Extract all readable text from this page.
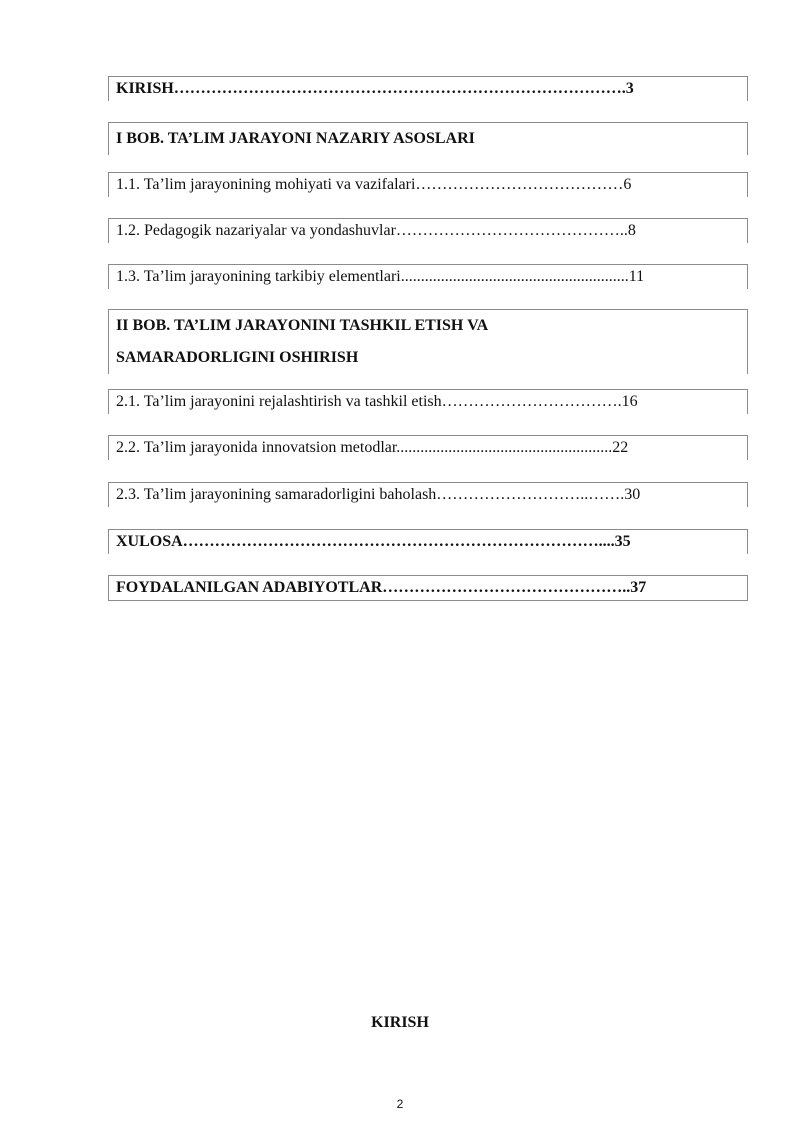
KIRISH………………………………………………………………………….3
I BOB. TA’LIM JARAYONI NAZARIY ASOSLARI
1.1. Ta’lim jarayonining mohiyati va vazifalari…………………………………6
1.2. Pedagogik nazariyalar va yondashuvlar……………………………………..8
1.3. Ta’lim jarayonining tarkibiy elementlari.........................................................11
II BOB. TA’LIM JARAYONINI TASHKIL ETISH VA
SAMARADORLIGINI OSHIRISH
2.1. Ta’lim jarayonini rejalashtirish va tashkil etish…………………………….16
2.2. Ta’lim jarayonida innovatsion metodlar......................................................22
2.3. Ta’lim jarayonining samaradorligini baholash………………………..…….30
XULOSA……………………………………………………………………....35
FOYDALANILGAN ADABIYOTLAR………………………………………..37
KIRISH
2
